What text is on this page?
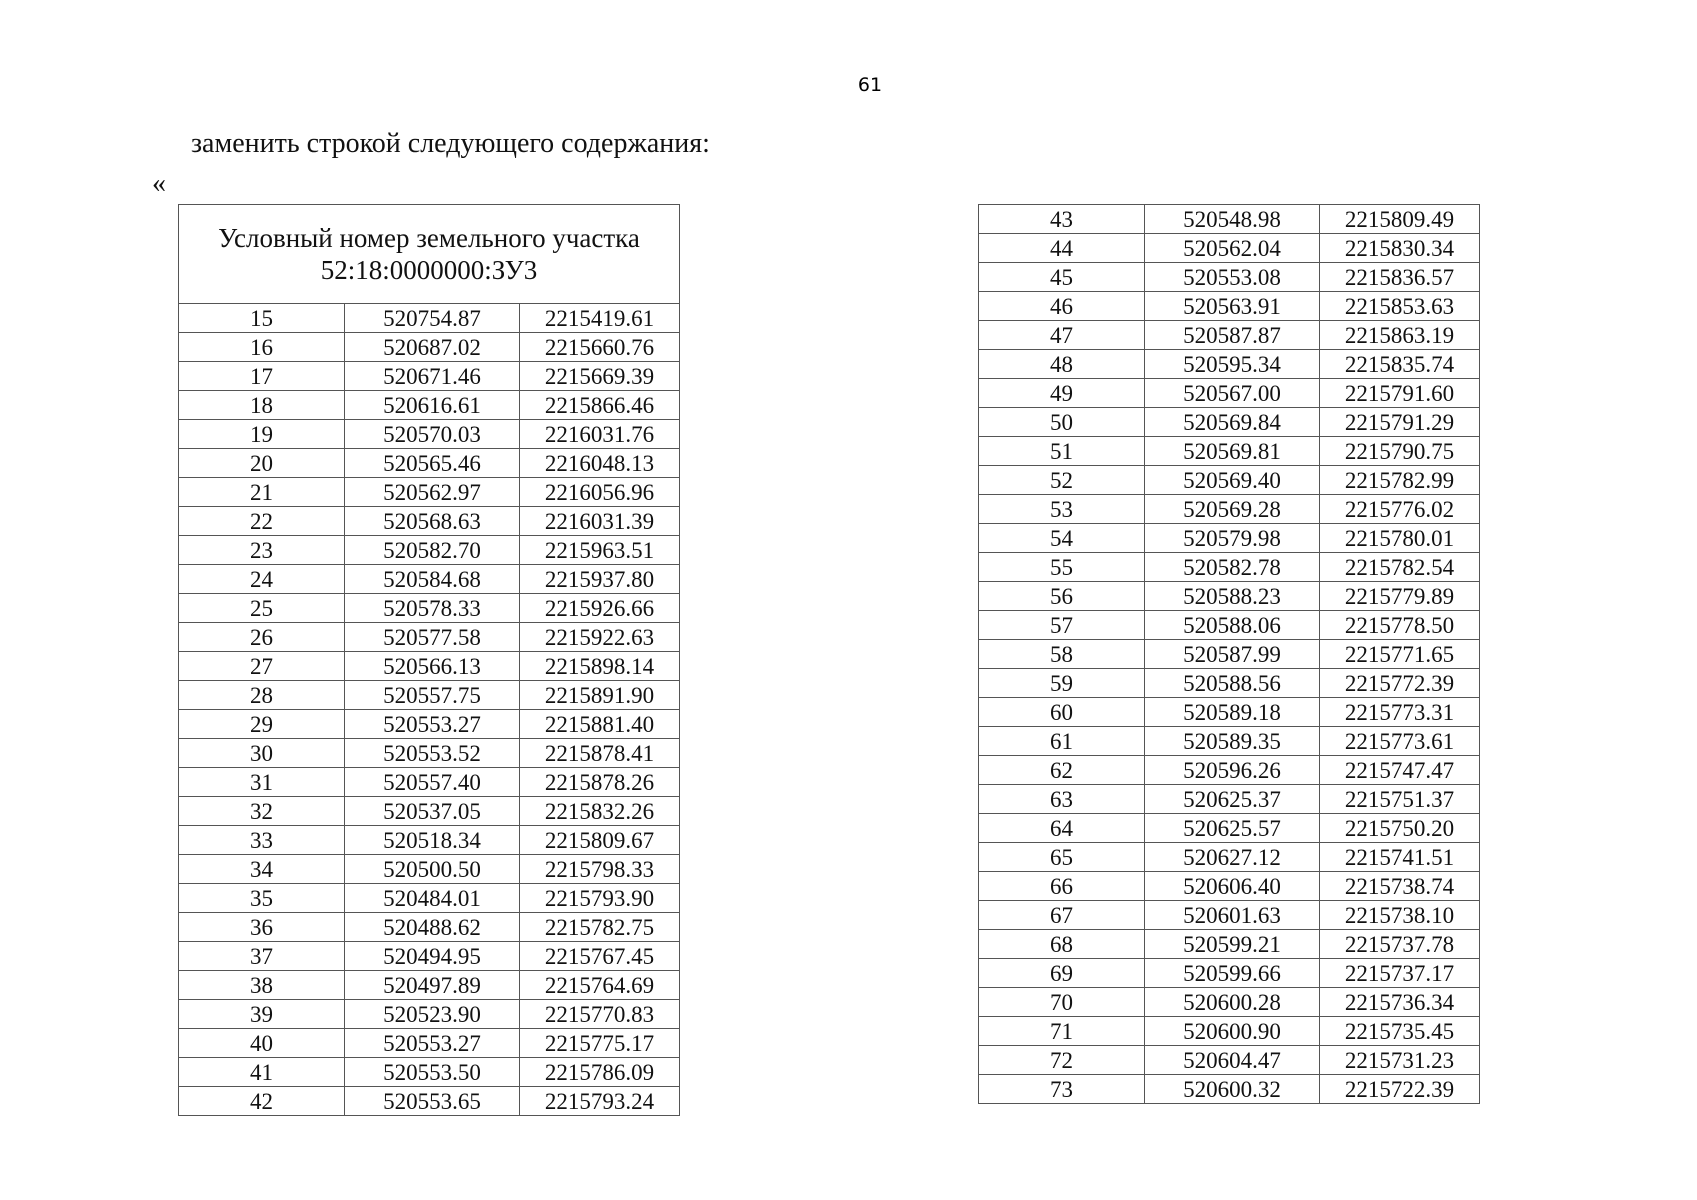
61
заменить строкой следующего содержания:
«
Условный номер земельного участка 52:18:0000000:ЗУ3		
15	520754.87	2215419.61
16	520687.02	2215660.76
17	520671.46	2215669.39
18	520616.61	2215866.46
19	520570.03	2216031.76
20	520565.46	2216048.13
21	520562.97	2216056.96
22	520568.63	2216031.39
23	520582.70	2215963.51
24	520584.68	2215937.80
25	520578.33	2215926.66
26	520577.58	2215922.63
27	520566.13	2215898.14
28	520557.75	2215891.90
29	520553.27	2215881.40
30	520553.52	2215878.41
31	520557.40	2215878.26
32	520537.05	2215832.26
33	520518.34	2215809.67
34	520500.50	2215798.33
35	520484.01	2215793.90
36	520488.62	2215782.75
37	520494.95	2215767.45
38	520497.89	2215764.69
39	520523.90	2215770.83
40	520553.27	2215775.17
41	520553.50	2215786.09
42	520553.65	2215793.24
43	520548.98	2215809.49
44	520562.04	2215830.34
45	520553.08	2215836.57
46	520563.91	2215853.63
47	520587.87	2215863.19
48	520595.34	2215835.74
49	520567.00	2215791.60
50	520569.84	2215791.29
51	520569.81	2215790.75
52	520569.40	2215782.99
53	520569.28	2215776.02
54	520579.98	2215780.01
55	520582.78	2215782.54
56	520588.23	2215779.89
57	520588.06	2215778.50
58	520587.99	2215771.65
59	520588.56	2215772.39
60	520589.18	2215773.31
61	520589.35	2215773.61
62	520596.26	2215747.47
63	520625.37	2215751.37
64	520625.57	2215750.20
65	520627.12	2215741.51
66	520606.40	2215738.74
67	520601.63	2215738.10
68	520599.21	2215737.78
69	520599.66	2215737.17
70	520600.28	2215736.34
71	520600.90	2215735.45
72	520604.47	2215731.23
73	520600.32	2215722.39
